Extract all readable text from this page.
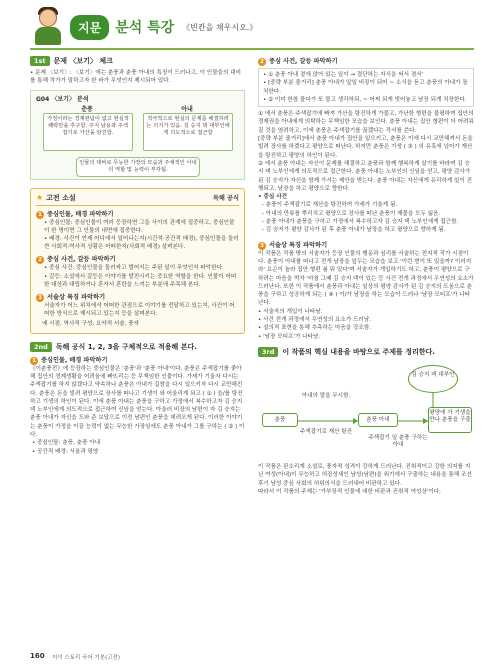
지문	분석 특강 《빈칸을 채우시오.》
1st	문제 〈보기〉 체크
• 문제 〈보기〉: 〈보기〉에는 춘풍과 춘풍 아내의 특징이 드러나고, 이 인물들의 대비를 통해 작가가 말하고자 한 바가 무엇인지 제시되어 있다.
G04 〈보기〉 분석
춘풍	아내
가정이라는 경제관념이 없고 현실적 쾌락만을 추구함. 주지 남용과 주색잡기로 가산을 탕진함.
적극적으로 현실의 문제를 해결하려는 의지가 있음. 김 승지 댁 대부인에게 의도적으로 접근함
인물의 대비로 무능한 가장의 모습과 주체적인 아내의 역할 및 능력이 부각됨.
★ 고전 소설	독해 공식
1 중심인물, 배경 파악하기
• 중심인물: 중심인물이 여러 등장하면 그들 사이의 관계에 집중하고, 중심인물이 한 명이면 그 인물의 내면에 집중한다.
• 배경: 사건이 언제 어디에서 일어나는지(시간적·공간적 배경), 중심인물을 둘러싼 사회적·역사적 상황은 어떠한지(사회적 배경) 살펴본다.
2 중심 사건, 갈등 파악하기
• 중심 사건: 중심인물을 둘러싸고 벌어지는 주된 일이 무엇인지 파악한다.
• 갈등: 소설에서 갈등은 이야기를 발전시키는 중요한 역할을 한다. 인물이 어떠한 대상과 대립하거나 혼자서 혼란을 느끼는 부분에 주목해 본다.
3 서술상 특징 파악하기
서술자가 어느 위치에서 어떠한 관점으로 이야기를 전달하고 있는지, 사건이 어떠한 방식으로 제시되고 있는지 등을 살펴본다.
예 시점, 역사적 구성, 요약적 서술, 풍자
2nd	독해 공식 1, 2, 3을 구체적으로 적용해 본다.
1 중심인물, 배경 파악하기
《이춘풍전》에 등장하는 중심인물은 '춘풍'과 '춘풍 아내'이다. 춘풍은 주색잡기를 좋아해 집안의 경제생활을 어려움에 빠뜨리는 등 무책임한 인물이다. 가세가 기울자 다시는 주색잡기를 하지 않겠다고 약속하나 춘풍은 아내가 길쌈을 다시 일으키자 다시 교만해진다. 춘풍은 돈을 빌려 평양으로 장사를 떠나고 기생이 와 어울리게 되고 ( ① ) 을/를 탕진하고 기생의 하인이 된다. 이에 춘풍 아내는 춘풍을 구하고 가정에서 복수하고자 김 승지 댁 노부인에게 의도적으로 접근하여 신임을 얻는다. 아울러 비장의 남편이 자 김 승지는 춘풍 아내가 자신을 도와 준 보답으로 이전 남편인 춘풍을 데려오게 된다. 이러한 이야기는 춘풍이 가정을 이끌 능력이 없는 무능한 가장임에도 춘풍 아내가 그를 구하는 ( ② ) 이다.
• 중심인물: 춘풍, 춘풍 아내
• 공간적 배경: 서울과 평양
2 중심 사건, 갈등 파악하기
• ① 춘풍 아내 곁에 앉아 있는 일이 → 결단하는 자식을 써서 겸서'
• [중략 부분 줄거리] 춘풍 아내가 앞일 비장이 되어 ~ 소식을 듣고 춘풍의 아내가 돌처한다.
• ② 이미 한참 물다가 또 물고 생각하되, ~ 어찌 되게 빗어놓고 남장 되게 치장한다.
① 에서 춘풍은 주색잡기에 빠져 가산을 탕진하게 가불고, 가난한 형편을 불평하며 집안의 경제권을 아내에게 의탁하는 무책임한 모습을 보인다. 춘풍 아내는 집안 형편이 더 어려워질 것을 염려하고, 이에 춘풍은 주색잡기를 끊겠다는 각서를 쓴다.
[중략 부분 줄거리]에서 춘풍 아내가 집안을 일으키고, 춘풍은 이에 다시 교만해져서 돈을 빌려 장사를 하겠다고 평양으로 떠난다. 하지만 춘풍은 기생 ( ③ ) 의 유혹에 넘어가 재산을 탕진하고 평양의 하인이 된다.
② 에서 춘풍 아내는 자신이 문제를 해결하고 춘풍과 함께 행복하게 살기를 바라며 김 승지 댁 노부인에게 의도적으로 접근한다. 춘풍 아내는 노부인의 신임을 얻고, 평양 감사가 된 김 승지가 자신을 함께 가서는 제안을 받는다. 춘풍 아내는 자신에게 유리하게 일이 진행되고, 남장을 하고 평양으로 향한다.
• 중심 사건
- 춘풍이 주색잡기로 재산을 탕진하여 가세가 기울게 됨.
- 아내의 만류를 뿌리치고 평양으로 장사를 떠난 춘풍이 재물을 모두 잃음.
- 춘풍 아내가 춘풍을 구하고 가정에서 복수하고자 김 승지 댁 노부인에게 접근함.
- 김 승지가 평양 감사가 된 후 춘풍 아내가 남장을 하고 평양으로 향하게 됨.
3 서술상 특징 파악하기
이 작품은 작품 밖의 서술자가 등장 인물의 행동과 심리를 서술하는 전지적 작가 시점이다. 춘풍이 아내를 떠나고 전개 남장을 앞두는 모습을 보고 '이런 변이 또 있을까? 이러지라' 요곤이 놀라 집안 형편 봄 뭐 있다'며 서술자가 개입하기도 하고, 춘풍이 평양으로 구하려는 마음을 먹자 '마침 그때 김 승지 댁이 있는 등 사건 전개 과정에서 우연성의 요소가 드러난다. 또한 이 작품에서 춘풍과 아내는 일상의 평양 감사가 된 김 승지의 도움으로 춘풍을 구하고 성공하게 되는 ( ④ ) 이/가 남장을 하는 모습이 드러나 '남장 모티프'가 나타난다.
• 서술자의 개입이 나타남.
• 사건 전개 과정에서 우연성의 요소가 드러남.
• 설의적 표현을 통해 추측하는 마음을 강조함.
• '남장 모티프'가 나타남.
3rd	이 작품의 핵심 내용을 바탕으로 주제를 정리한다.
춘풍
아내의 말을 무시함.
주색잡기로 재산 탕진
춘풍 아내
김 승지 댁 대부인
평양에 가 기생을 만나 춘풍을 구출
주색잡기 일 춘풍 구하는 아내
이 작품은 판소리계 소설로, 풍자적 성격이 강하게 드러난다. 진취적이고 강한 의지를 지닌 여성(아내)이 무능하고 허장성세인 남성(남편)을 위기에서 구출하는 내용을 통해 조선 후기 남성 중심 사회의 허위의식을 드러내어 비판하고 있다.
따라서 이 작품의 주제는 '가부장적 인물에 대한 비판과 진취적 여성상'이다.
160 지이 스토리 국어 기본(고전)
